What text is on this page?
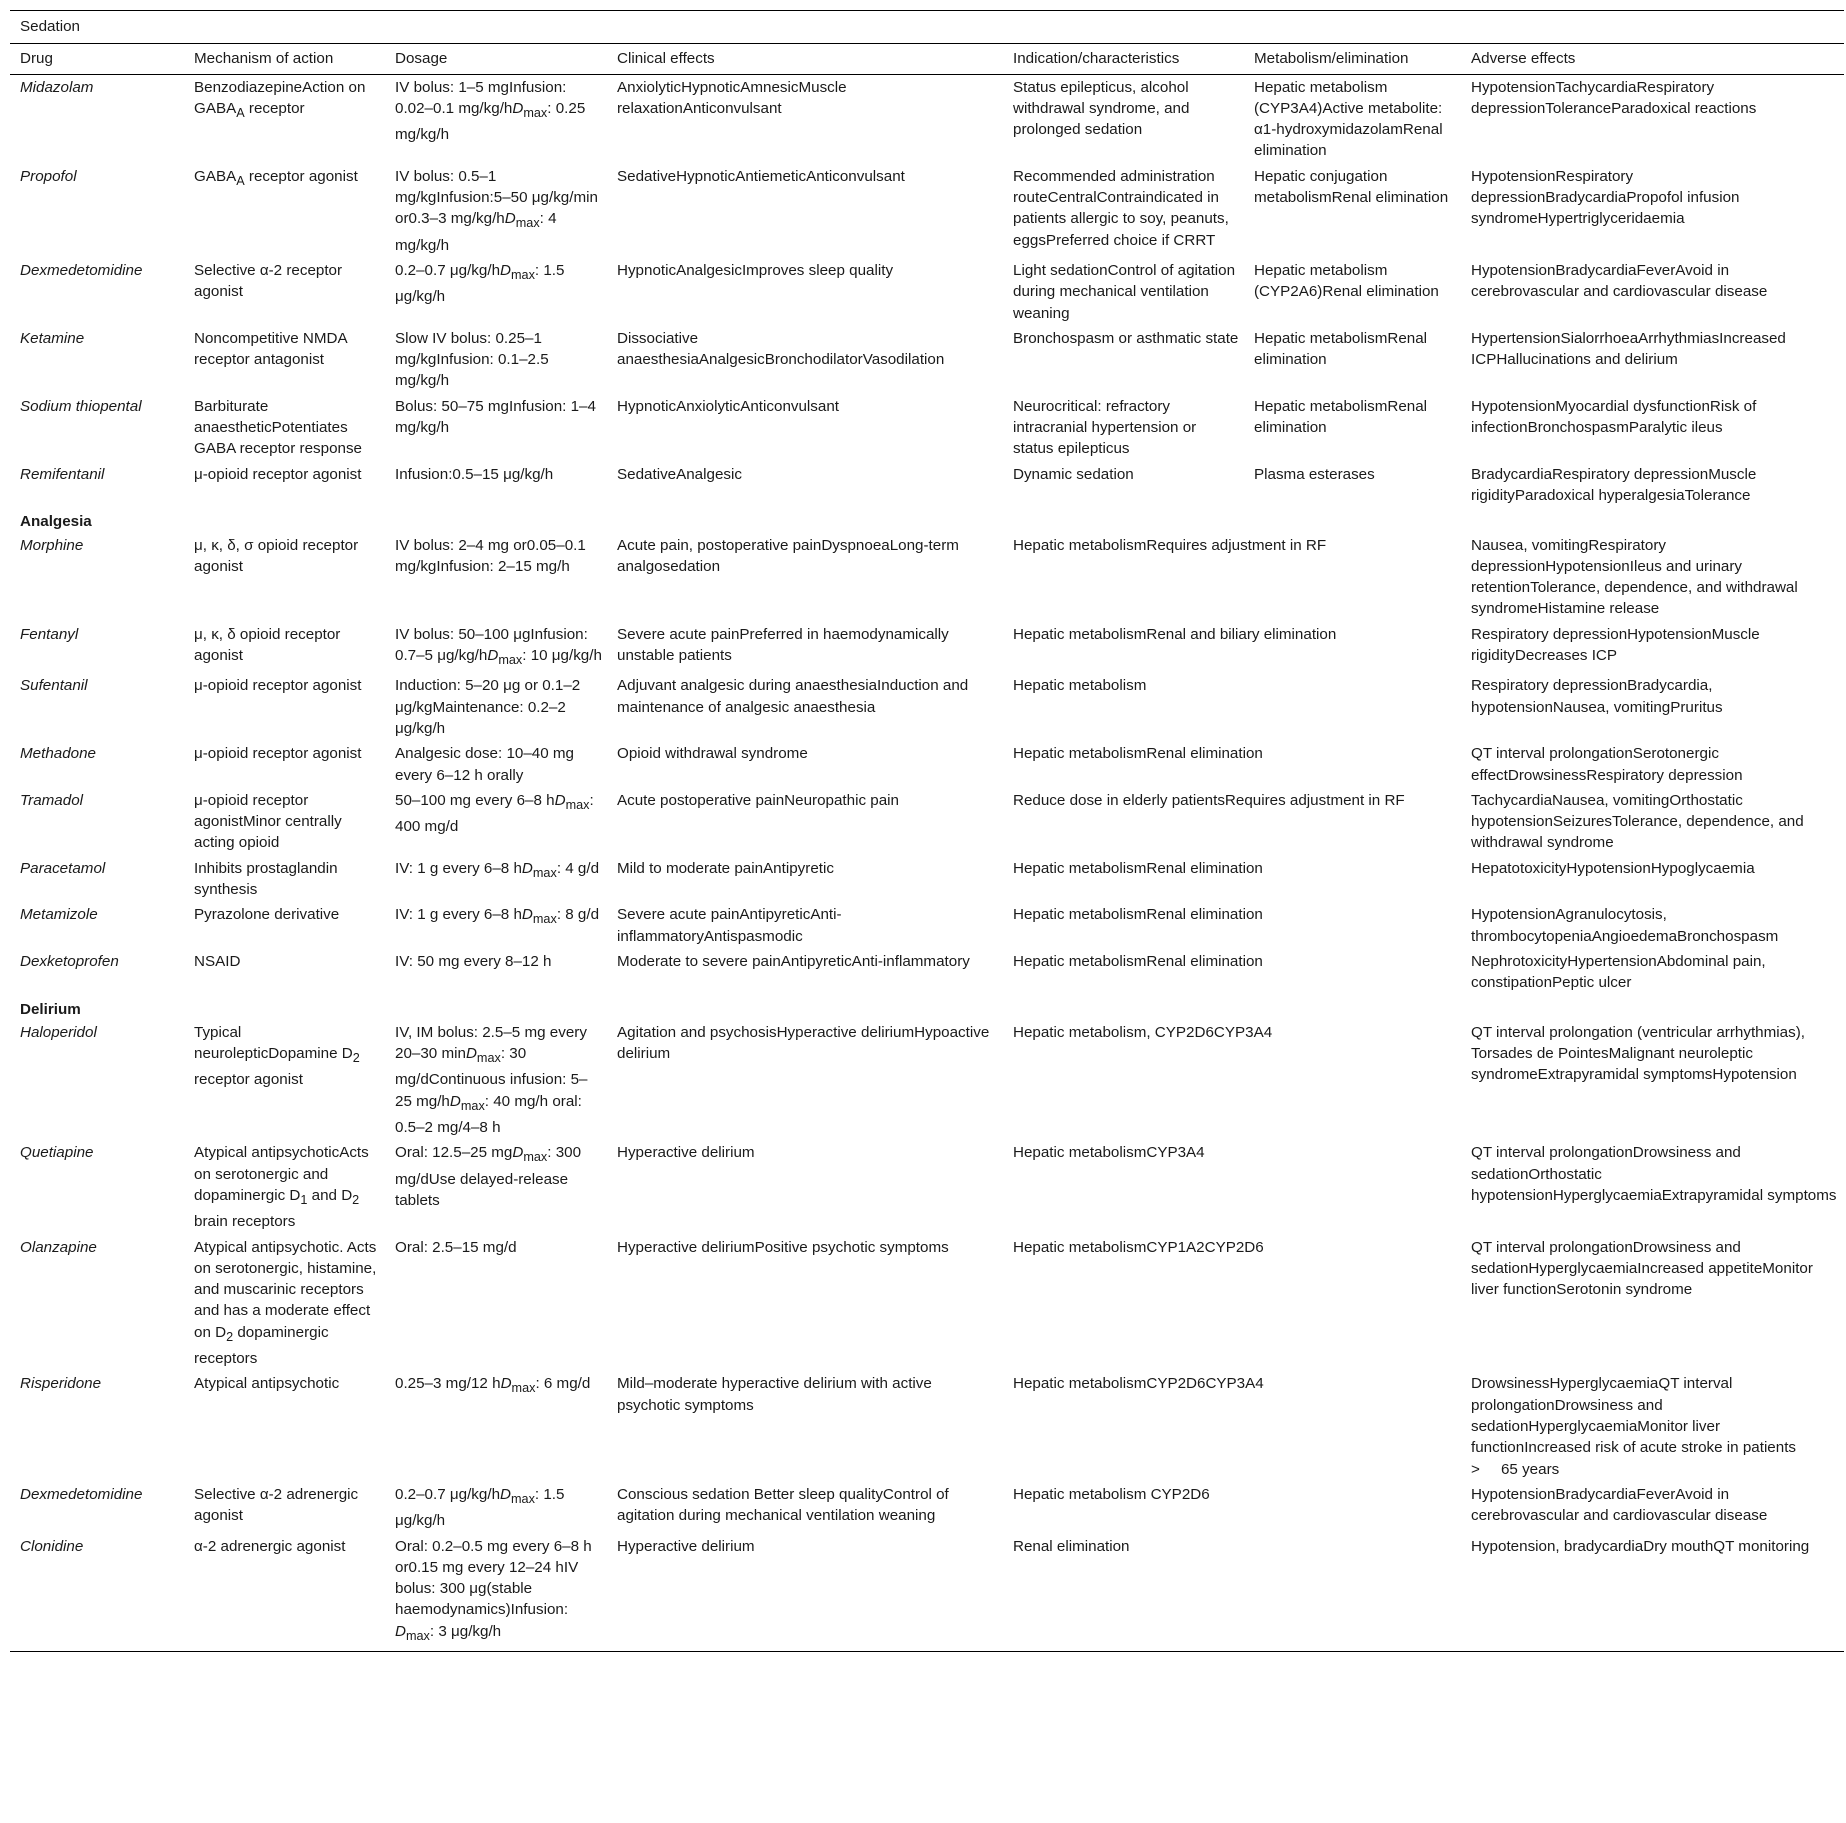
Sedation						
Drug	Mechanism of action	Dosage	Clinical effects	Indication/characteristics	Metabolism/elimination	Adverse effects
Midazolam	BenzodiazepineAction on $GABA_A$ receptor	IV bolus: 1–5 mgInfusion: 0.02–0.1 $mg/kg/hD_{max}$: 0.25 mg/kg/h	AnxiolyticHypnoticAmnesicMuscle relaxationAnticonvulsant	Status epilepticus, alcohol withdrawal syndrome, and prolonged sedation	Hepatic metabolism (CYP3A4)Active metabolite: α1-hydroxymidazolamRenal elimination	HypotensionTachycardiaRespiratory depressionToleranceParadoxical reactions
Propofol	$GABA_A$ receptor agonist	IV bolus: 0.5–1 mg/kgInfusion:5–50 μg/kg/min or0.3–3 $mg/kg/hD_{max}$: 4 mg/kg/h	SedativeHypnoticAntiemeticAnticonvulsant	Recommended administration routeCentralContraindicated in patients allergic to soy, peanuts, eggsPreferred choice if CRRT	Hepatic conjugation metabolismRenal elimination	HypotensionRespiratory depressionBradycardiaPropofol infusion syndromeHypertriglyceridaemia
Dexmedetomidine	Selective α-2 receptor agonist	0.2–0.7 $\mu g/kg/hD_{max}$: 1.5 μg/kg/h	HypnoticAnalgesicImproves sleep quality	Light sedationControl of agitation during mechanical ventilation weaning	Hepatic metabolism (CYP2A6)Renal elimination	HypotensionBradycardiaFeverAvoid in cerebrovascular and cardiovascular disease
Ketamine	Noncompetitive NMDA receptor antagonist	Slow IV bolus: 0.25–1 mg/kgInfusion: 0.1–2.5 mg/kg/h	Dissociative anaesthesiaAnalgesicBronchodilatorVasodilation	Bronchospasm or asthmatic state	Hepatic metabolismRenal elimination	HypertensionSialorrhoeaArrhythmiasIncreased ICPHallucinations and delirium
Sodium thiopental	Barbiturate anaestheticPotentiates GABA receptor response	Bolus: 50–75 mgInfusion: 1–4 mg/kg/h	HypnoticAnxiolyticAnticonvulsant	Neurocritical: refractory intracranial hypertension or status epilepticus	Hepatic metabolismRenal elimination	HypotensionMyocardial dysfunctionRisk of infectionBronchospasmParalytic ileus
Remifentanil	μ-opioid receptor agonist	Infusion:0.5–15 μg/kg/h	SedativeAnalgesic	Dynamic sedation	Plasma esterases	BradycardiaRespiratory depressionMuscle rigidityParadoxical hyperalgesiaTolerance
Analgesia						
Morphine	μ, κ, δ, σ opioid receptor agonist	IV bolus: 2–4 mg or0.05–0.1 mg/kgInfusion: 2–15 mg/h	Acute pain, postoperative painDyspnoeaLong-term analgosedation	Hepatic metabolismRequires adjustment in RF		Nausea, vomitingRespiratory depressionHypotensionIleus and urinary retentionTolerance, dependence, and withdrawal syndromeHistamine release
Fentanyl	μ, κ, δ opioid receptor agonist	IV bolus: 50–100 μgInfusion: 0.7–5 $\mu g/kg/hD_{max}$: 10 μg/kg/h	Severe acute painPreferred in haemodynamically unstable patients	Hepatic metabolismRenal and biliary elimination		Respiratory depressionHypotensionMuscle rigidityDecreases ICP
Sufentanil	μ-opioid receptor agonist	Induction: 5–20 μg or 0.1–2 μg/kgMaintenance: 0.2–2 μg/kg/h	Adjuvant analgesic during anaesthesiaInduction and maintenance of analgesic anaesthesia	Hepatic metabolism		Respiratory depressionBradycardia, hypotensionNausea, vomitingPruritus
Methadone	μ-opioid receptor agonist	Analgesic dose: 10–40 mg every 6–12 h orally	Opioid withdrawal syndrome	Hepatic metabolismRenal elimination		QT interval prolongationSerotonergic effectDrowsinessRespiratory depression
Tramadol	μ-opioid receptor agonistMinor centrally acting opioid	50–100 mg every 6–8 $hD_{max}$: 400 mg/d	Acute postoperative painNeuropathic pain	Reduce dose in elderly patientsRequires adjustment in RF		TachycardiaNausea, vomitingOrthostatic hypotensionSeizuresTolerance, dependence, and withdrawal syndrome
Paracetamol	Inhibits prostaglandin synthesis	IV: 1 g every 6–8 $hD_{max}$: 4 g/d	Mild to moderate painAntipyretic	Hepatic metabolismRenal elimination		HepatotoxicityHypotensionHypoglycaemia
Metamizole	Pyrazolone derivative	IV: 1 g every 6–8 $hD_{max}$: 8 g/d	Severe acute painAntipyreticAnti-inflammatoryAntispasmodic	Hepatic metabolismRenal elimination		HypotensionAgranulocytosis, thrombocytopeniaAngioedemaBronchospasm
Dexketoprofen	NSAID	IV: 50 mg every 8–12 h	Moderate to severe painAntipyreticAnti-inflammatory	Hepatic metabolismRenal elimination		NephrotoxicityHypertensionAbdominal pain, constipationPeptic ulcer
Delirium						
Haloperidol	Typical neurolepticDopamine $D_2$ receptor agonist	IV, IM bolus: 2.5–5 mg every 20–30 minD$_{max}$: 30 mg/dContinuous infusion: 5–25 $mg/hD_{max}$: 40 mg/h oral: 0.5–2 mg/4–8 h	Agitation and psychosisHyperactive deliriumHypoactive delirium	Hepatic metabolism, CYP2D6CYP3A4		QT interval prolongation (ventricular arrhythmias), Torsades de PointesMalignant neuroleptic syndromeExtrapyramidal symptomsHypotension
Quetiapine	Atypical antipsychoticActs on serotonergic and dopaminergic $D_1$ and $D_2$ brain receptors	Oral: 12.5–25 mgD$_{max}$: 300 mg/dUse delayed-release tablets	Hyperactive delirium	Hepatic metabolismCYP3A4		QT interval prolongationDrowsiness and sedationOrthostatic hypotensionHyperglycaemiaExtrapyramidal symptoms
Olanzapine	Atypical antipsychotic. Acts on serotonergic, histamine, and muscarinic receptors and has a moderate effect on $D_2$ dopaminergic receptors	Oral: 2.5–15 mg/d	Hyperactive deliriumPositive psychotic symptoms	Hepatic metabolismCYP1A2CYP2D6		QT interval prolongationDrowsiness and sedationHyperglycaemiaIncreased appetiteMonitor liver functionSerotonin syndrome
Risperidone	Atypical antipsychotic	0.25–3 mg/12 $hD_{max}$: 6 mg/d	Mild–moderate hyperactive delirium with active psychotic symptoms	Hepatic metabolismCYP2D6CYP3A4		DrowsinessHyperglycaemiaQT interval prolongationDrowsiness and sedationHyperglycaemiaMonitor liver functionIncreased risk of acute stroke in patients >     65 years
Dexmedetomidine	Selective α-2 adrenergic agonist	0.2–0.7 $\mu g/kg/hD_{max}$: 1.5 μg/kg/h	Conscious sedation Better sleep qualityControl of agitation during mechanical ventilation weaning	Hepatic metabolism CYP2D6		HypotensionBradycardiaFeverAvoid in cerebrovascular and cardiovascular disease
Clonidine	α-2 adrenergic agonist	Oral: 0.2–0.5 mg every 6–8 h or0.15 mg every 12–24 hIV bolus: 300 μg(stable haemodynamics)Infusion: $D_{max}$: 3 μg/kg/h	Hyperactive delirium	Renal elimination		Hypotension, bradycardiaDry mouthQT monitoring
